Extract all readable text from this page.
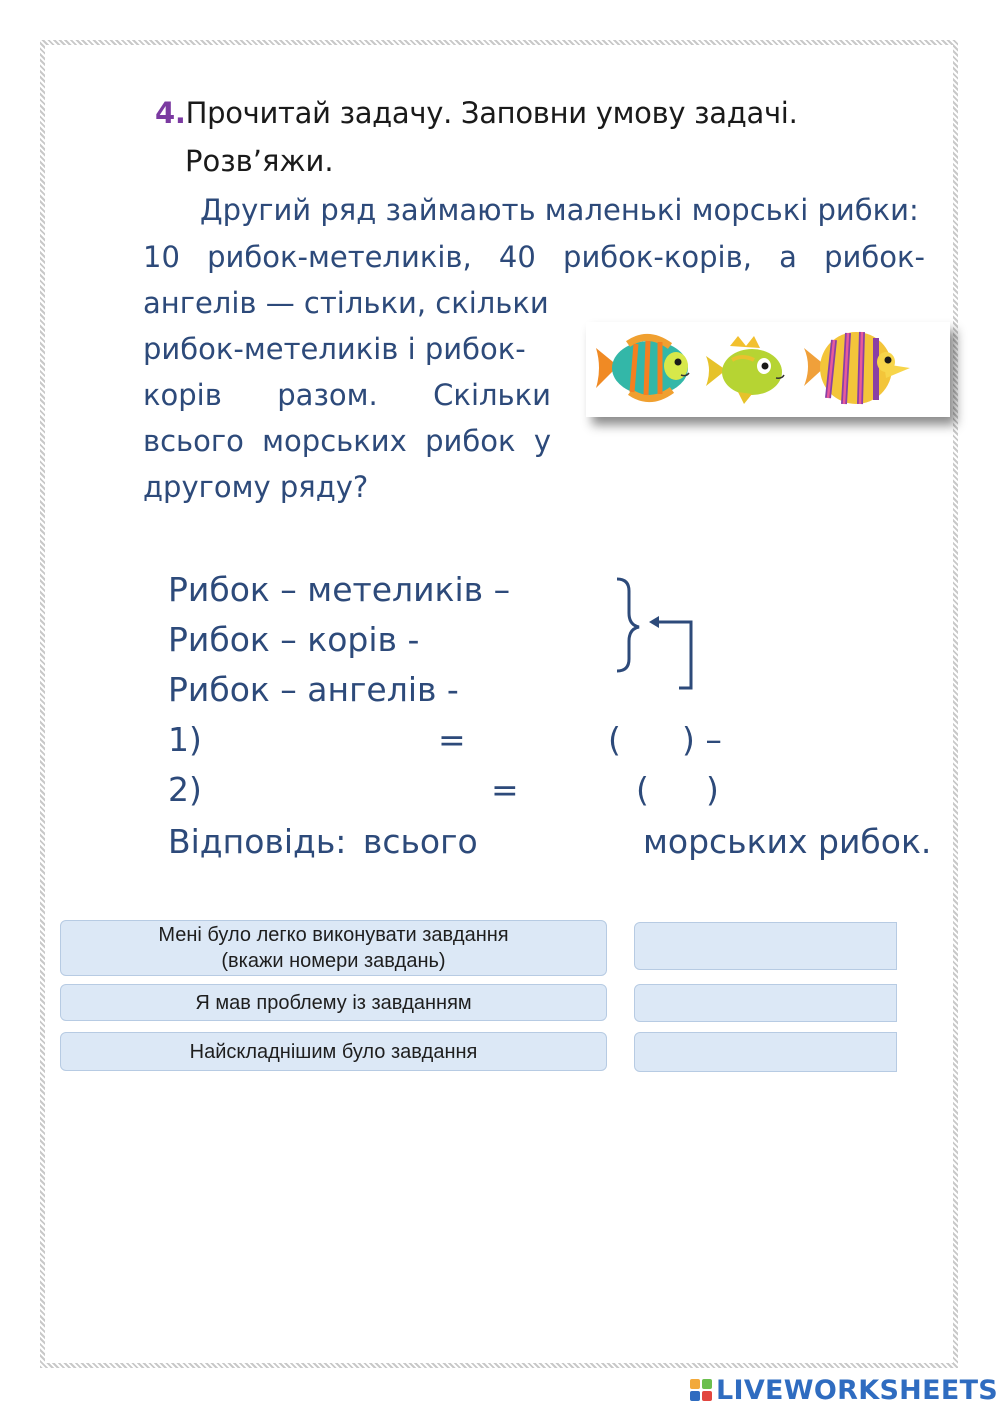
4.Прочитай задачу. Заповни умову задачі.
Розв’яжи.
Другий ряд займають маленькі морські рибки:
10 рибок-метеликів, 40 рибок-корів, а рибок-
ангелів — стільки, скільки
рибок-метеликів і рибок-
корів разом. Скільки
всього морських рибок у
другому ряду?
Рибок – метеликів –
Рибок – корів -
Рибок – ангелів -
1)	=	( ) –
2)	=	( )
Відповідь: всього	морських рибок.
Мені було легко виконувати завдання
(вкажи номери завдань)
Я мав проблему із завданням
Найскладнішим було завдання
LIVEWORKSHEETS
